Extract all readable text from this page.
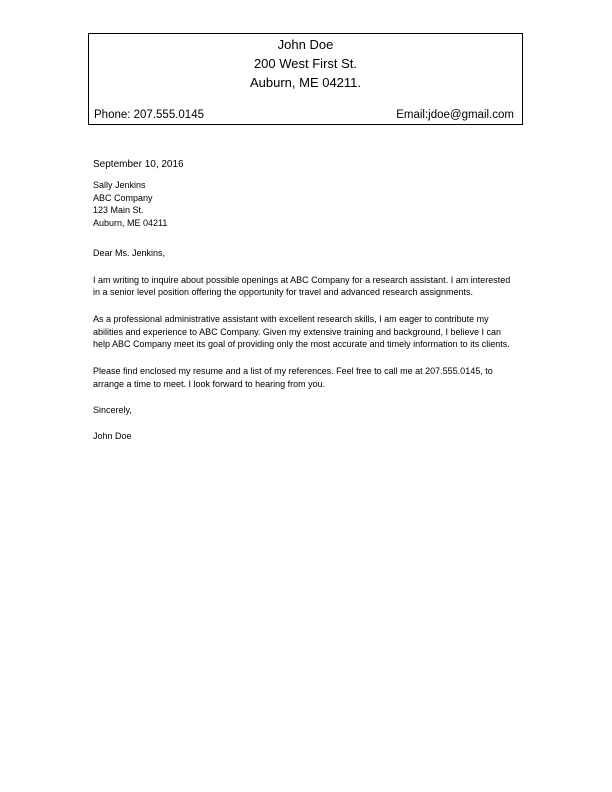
John Doe
200 West First St.
Auburn, ME 04211.
Phone: 207.555.0145	Email:jdoe@gmail.com

September 10, 2016

Sally Jenkins

ABC Company

123 Main St.

Auburn, ME 04211

Dear Ms. Jenkins,

I am writing to inquire about possible openings at ABC Company for a research assistant. I am interested in a senior level position offering the opportunity for travel and advanced research assignments.

As a professional administrative assistant with excellent research skills, I am eager to contribute my abilities and experience to ABC Company. Given my extensive training and background, I believe I can help ABC Company meet its goal of providing only the most accurate and timely information to its clients.

Please find enclosed my resume and a list of my references. Feel free to call me at 207.555.0145, to arrange a time to meet. I look forward to hearing from you.

Sincerely,

John Doe
